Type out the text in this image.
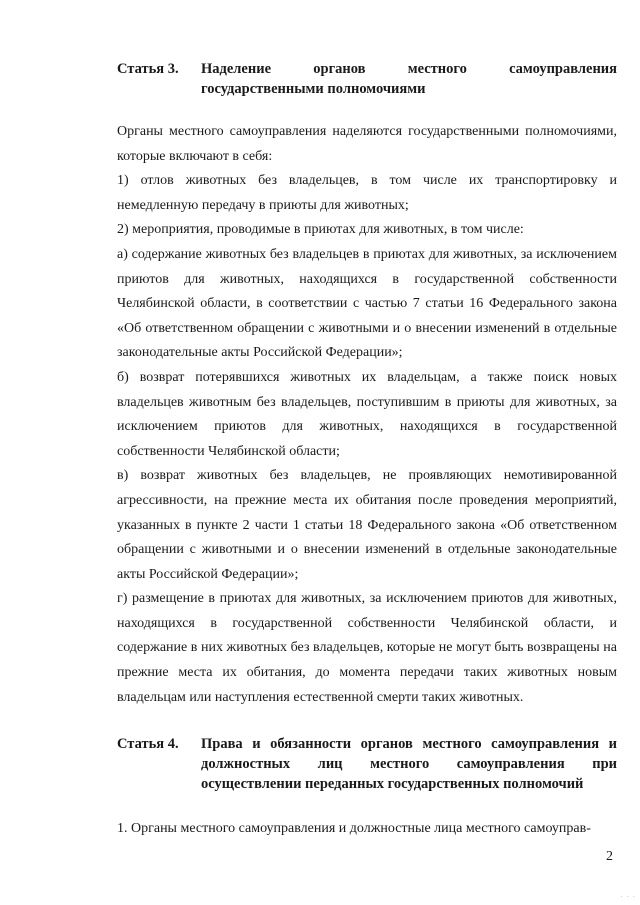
Статья 3. Наделение органов местного самоуправления государственными полномочиями

Органы местного самоуправления наделяются государственными полномочиями, которые включают в себя:

1) отлов животных без владельцев, в том числе их транспортировку и немедленную передачу в приюты для животных;

2) мероприятия, проводимые в приютах для животных, в том числе:

а) содержание животных без владельцев в приютах для животных, за исключением приютов для животных, находящихся в государственной собственности Челябинской области, в соответствии с частью 7 статьи 16 Федерального закона «Об ответственном обращении с животными и о внесении изменений в отдельные законодательные акты Российской Федерации»;

б) возврат потерявшихся животных их владельцам, а также поиск новых владельцев животным без владельцев, поступившим в приюты для животных, за исключением приютов для животных, находящихся в государственной собственности Челябинской области;

в) возврат животных без владельцев, не проявляющих немотивированной агрессивности, на прежние места их обитания после проведения мероприятий, указанных в пункте 2 части 1 статьи 18 Федерального закона «Об ответственном обращении с животными и о внесении изменений в отдельные законодательные акты Российской Федерации»;

г) размещение в приютах для животных, за исключением приютов для животных, находящихся в государственной собственности Челябинской области, и содержание в них животных без владельцев, которые не могут быть возвращены на прежние места их обитания, до момента передачи таких животных новым владельцам или наступления естественной смерти таких животных.

Статья 4. Права и обязанности органов местного самоуправления и должностных лиц местного самоуправления при осуществлении переданных государственных полномочий

1. Органы местного самоуправления и должностные лица местного самоуправ-

2
· · ·
